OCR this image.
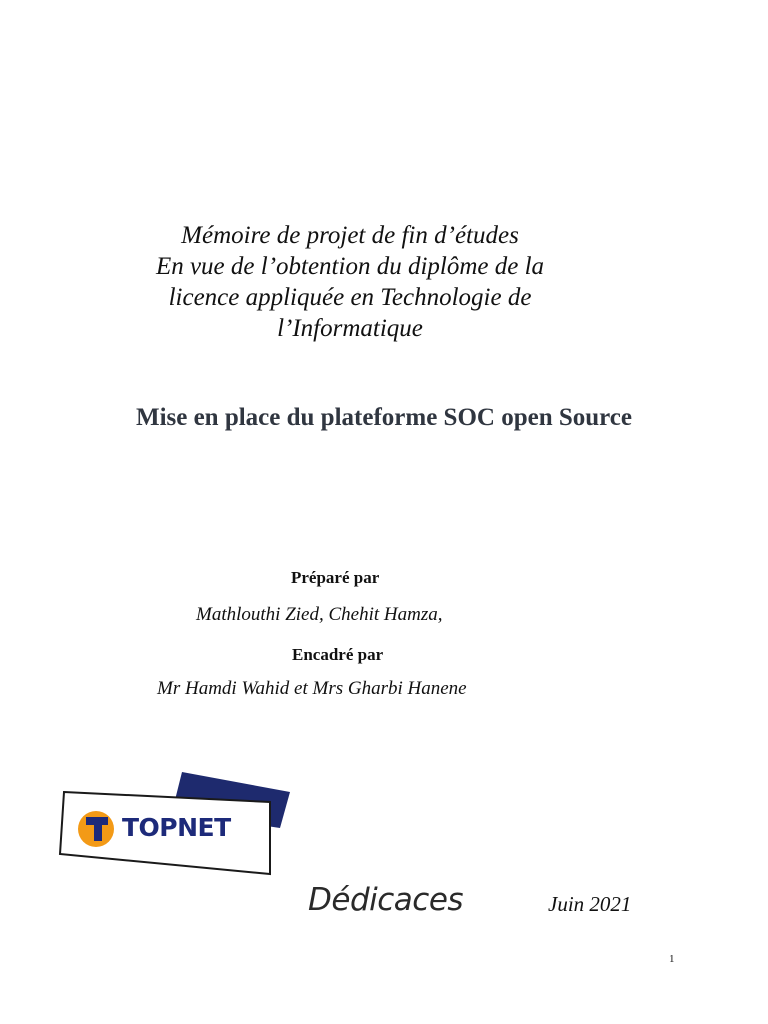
Mémoire de projet de fin d’études
En vue de l’obtention du diplôme de la
licence appliquée en Technologie de
l’Informatique
Mise en place du plateforme SOC open Source
Préparé par
Mathlouthi Zied, Chehit Hamza,
Encadré par
Mr Hamdi Wahid et Mrs Gharbi Hanene
TOPNET
Dédicaces	Juin 2021
1
